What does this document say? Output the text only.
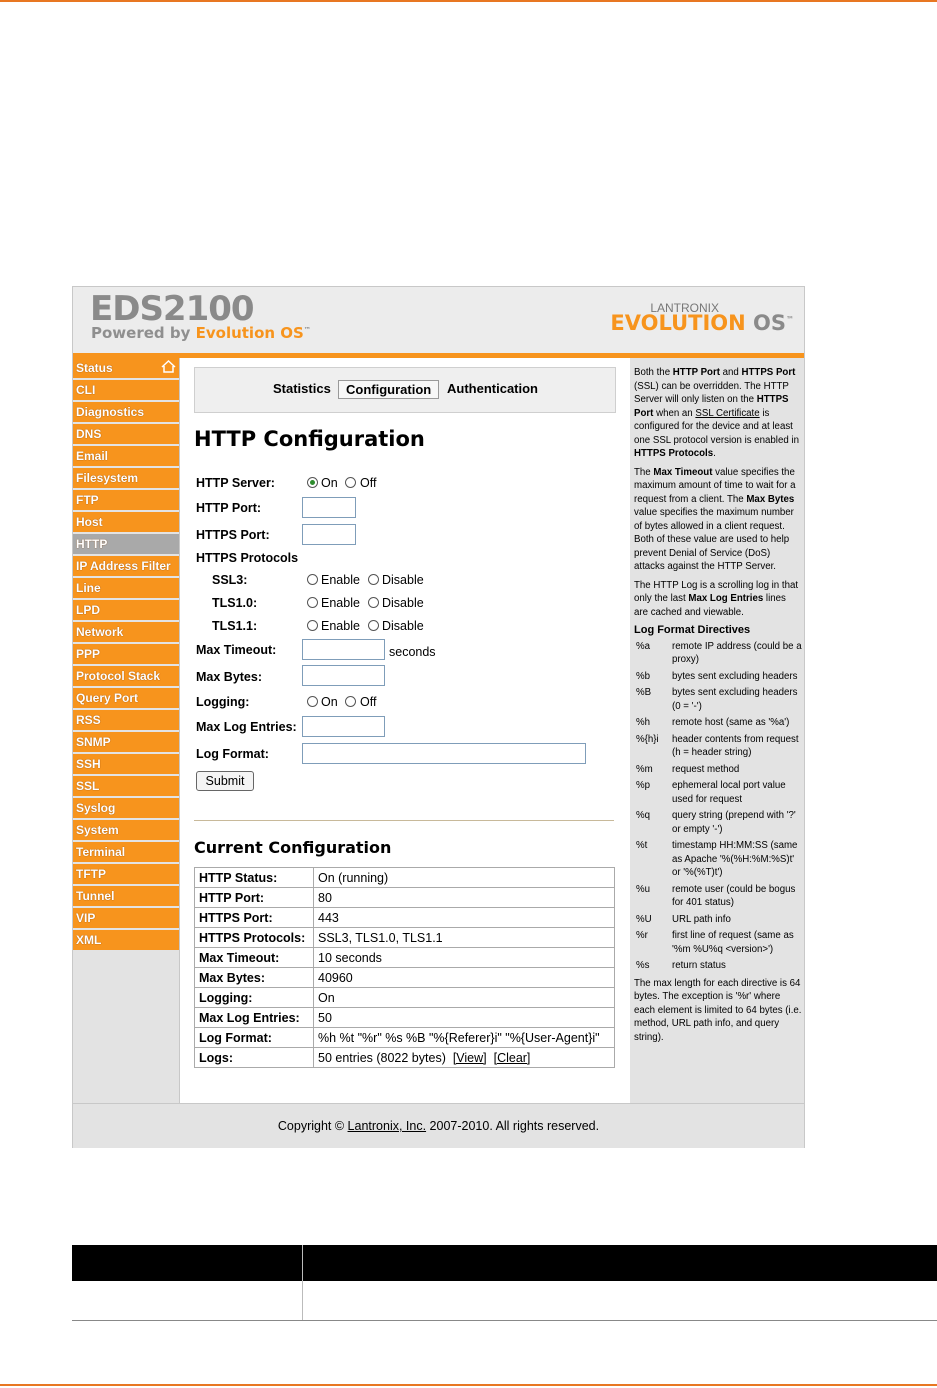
EDS2100
Powered by Evolution OS™
LANTRONIX
EVOLUTION OS™
Status
CLI
Diagnostics
DNS
Email
Filesystem
FTP
Host
HTTP
IP Address Filter
Line
LPD
Network
PPP
Protocol Stack
Query Port
RSS
SNMP
SSH
SSL
Syslog
System
Terminal
TFTP
Tunnel
VIP
XML
Statistics	Configuration	Authentication
HTTP Configuration
HTTP Server:	On Off
HTTP Port:
HTTPS Port:
HTTPS Protocols
SSL3:	Enable Disable
TLS1.0:	Enable Disable
TLS1.1:	Enable Disable
Max Timeout:	seconds
Max Bytes:
Logging:	On Off
Max Log Entries:
Log Format:
Submit
Current Configuration
HTTP Status:	On (running)
HTTP Port:	80
HTTPS Port:	443
HTTPS Protocols:	SSL3, TLS1.0, TLS1.1
Max Timeout:	10 seconds
Max Bytes:	40960
Logging:	On
Max Log Entries:	50
Log Format:	%h %t "%r" %s %B "%{Referer}i" "%{User-Agent}i"
Logs:	50 entries (8022 bytes) [View] [Clear]

Both the HTTP Port and HTTPS Port (SSL) can be overridden. The HTTP Server will only listen on the HTTPS Port when an SSL Certificate is configured for the device and at least one SSL protocol version is enabled in HTTPS Protocols.

The Max Timeout value specifies the maximum amount of time to wait for a request from a client. The Max Bytes value specifies the maximum number of bytes allowed in a client request. Both of these value are used to help prevent Denial of Service (DoS) attacks against the HTTP Server.

The HTTP Log is a scrolling log in that only the last Max Log Entries lines are cached and viewable.

Log Format Directives
%a	remote IP address (could be a proxy)
%b	bytes sent excluding headers
%B	bytes sent excluding headers (0 = '-')
%h	remote host (same as '%a')
%{h}i	header contents from request (h = header string)
%m	request method
%p	ephemeral local port value used for request
%q	query string (prepend with '?' or empty '-')
%t	timestamp HH:MM:SS (same as Apache '%(%H:%M:%S)t' or '%(%T)t')
%u	remote user (could be bogus for 401 status)
%U	URL path info
%r	first line of request (same as '%m %U%q <version>')
%s	return status

The max length for each directive is 64 bytes. The exception is '%r' where each element is limited to 64 bytes (i.e. method, URL path info, and query string).

Copyright © Lantronix, Inc. 2007-2010. All rights reserved.
